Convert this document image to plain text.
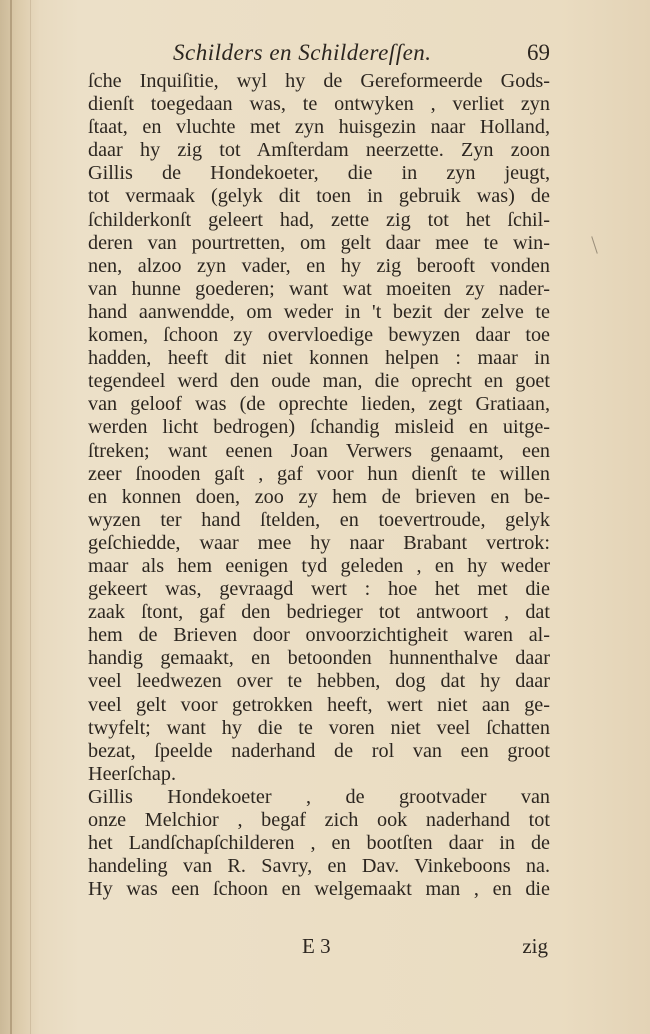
Schilders en Schildereſſen.	69
ſche Inquiſitie, wyl hy de Gereformeerde Gods-
dienſt toegedaan was, te ontwyken , verliet zyn
ſtaat, en vluchte met zyn huisgezin naar Holland,
daar hy zig tot Amſterdam neerzette. Zyn zoon
Gillis de Hondekoeter, die in zyn jeugt,
tot vermaak (gelyk dit toen in gebruik was) de
ſchilderkonſt geleert had, zette zig tot het ſchil-
deren van pourtretten, om gelt daar mee te win-
nen, alzoo zyn vader, en hy zig berooft vonden
van hunne goederen; want wat moeiten zy nader-
hand aanwendde, om weder in 't bezit der zelve te
komen, ſchoon zy overvloedige bewyzen daar toe
hadden, heeft dit niet konnen helpen : maar in
tegendeel werd den oude man, die oprecht en goet
van geloof was (de oprechte lieden, zegt Gratiaan,
werden licht bedrogen) ſchandig misleid en uitge-
ſtreken; want eenen Joan Verwers genaamt, een
zeer ſnooden gaſt , gaf voor hun dienſt te willen
en konnen doen, zoo zy hem de brieven en be-
wyzen ter hand ſtelden, en toevertroude, gelyk
geſchiedde, waar mee hy naar Brabant vertrok:
maar als hem eenigen tyd geleden , en hy weder
gekeert was, gevraagd wert : hoe het met die
zaak ſtont, gaf den bedrieger tot antwoort , dat
hem de Brieven door onvoorzichtigheit waren al-
handig gemaakt, en betoonden hunnenthalve daar
veel leedwezen over te hebben, dog dat hy daar
veel gelt voor getrokken heeft, wert niet aan ge-
twyfelt; want hy die te voren niet veel ſchatten
bezat, ſpeelde naderhand de rol van een groot
Heerſchap.
Gillis Hondekoeter , de grootvader van
onze Melchior , begaf zich ook naderhand tot
het Landſchapſchilderen , en bootſten daar in de
handeling van R. Savry, en Dav. Vinkeboons na.
Hy was een ſchoon en welgemaakt man , en die
E 3	zig
